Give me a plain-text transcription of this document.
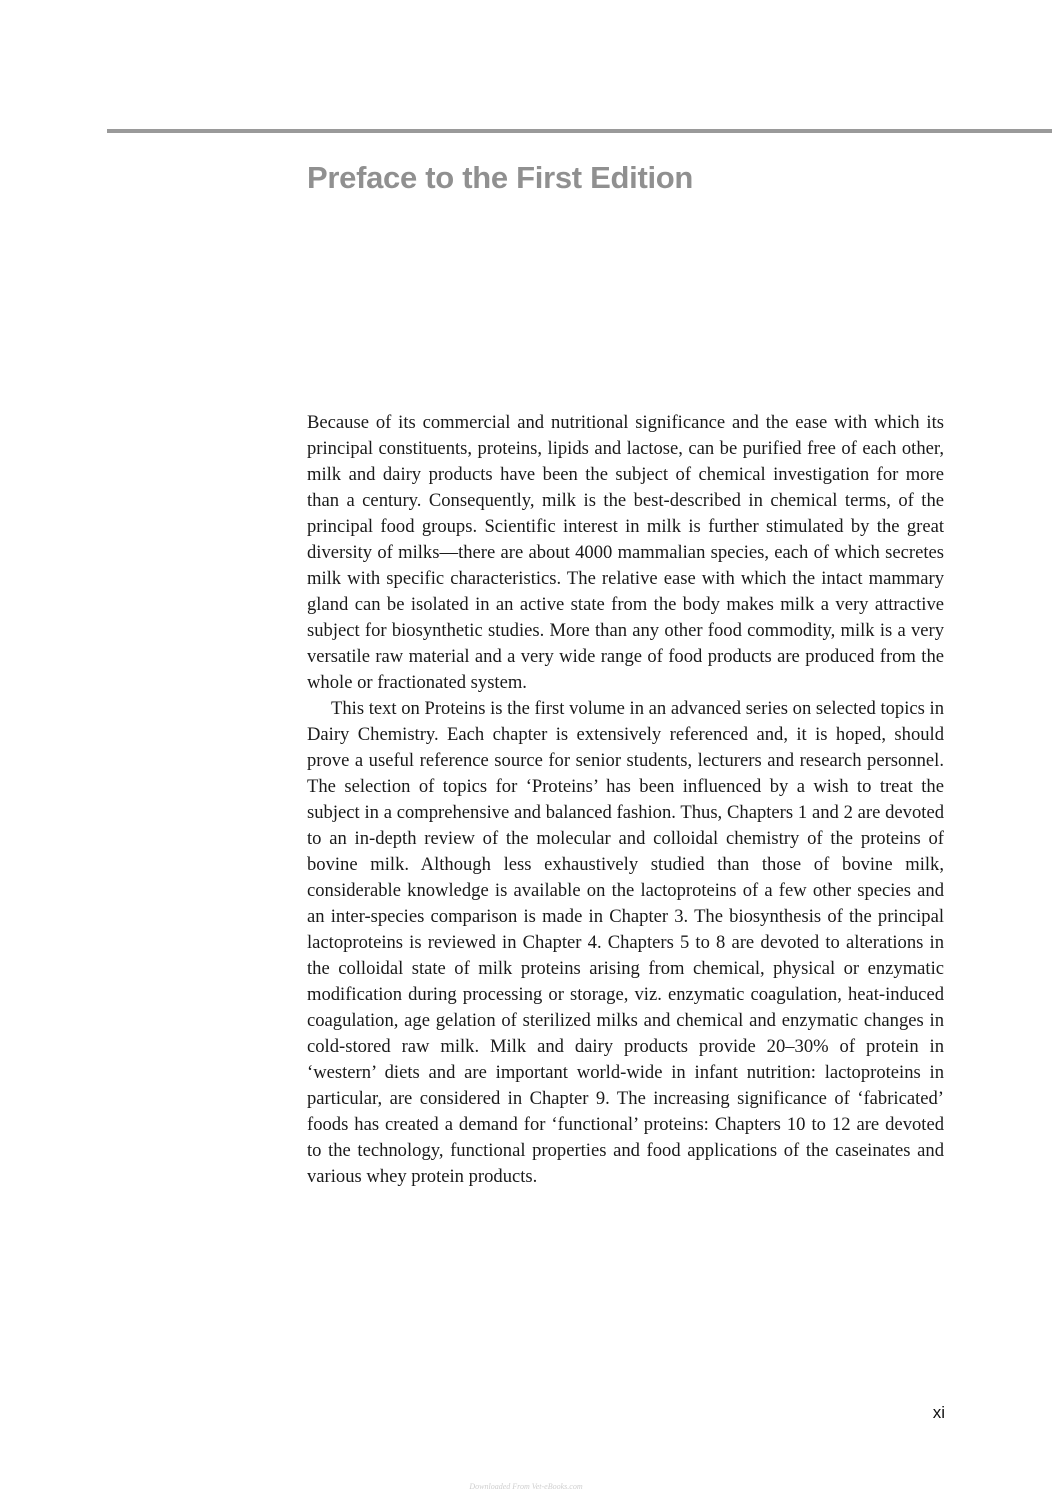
Preface to the First Edition

Because of its commercial and nutritional significance and the ease with which its principal constituents, proteins, lipids and lactose, can be purified free of each other, milk and dairy products have been the subject of chemical investigation for more than a century. Consequently, milk is the best-described in chemical terms, of the principal food groups. Scientific interest in milk is further stimulated by the great diversity of milks—there are about 4000 mammalian species, each of which secretes milk with specific characteristics. The relative ease with which the intact mammary gland can be isolated in an active state from the body makes milk a very attractive subject for biosynthetic studies. More than any other food commodity, milk is a very versatile raw material and a very wide range of food products are produced from the whole or fractionated system.

This text on Proteins is the first volume in an advanced series on selected topics in Dairy Chemistry. Each chapter is extensively referenced and, it is hoped, should prove a useful reference source for senior students, lecturers and research personnel. The selection of topics for ‘Proteins’ has been influenced by a wish to treat the subject in a comprehensive and balanced fashion. Thus, Chapters 1 and 2 are devoted to an in-depth review of the molecular and colloidal chemistry of the proteins of bovine milk. Although less exhaustively studied than those of bovine milk, considerable knowledge is available on the lactoproteins of a few other species and an inter-species comparison is made in Chapter 3. The biosynthesis of the principal lactoproteins is reviewed in Chapter 4. Chapters 5 to 8 are devoted to alterations in the colloidal state of milk proteins arising from chemical, physical or enzymatic modification during processing or storage, viz. enzymatic coagulation, heat-induced coagulation, age gelation of sterilized milks and chemical and enzymatic changes in cold-stored raw milk. Milk and dairy products provide 20–30% of protein in ‘western’ diets and are important world-wide in infant nutrition: lactoproteins in particular, are considered in Chapter 9. The increasing significance of ‘fabricated’ foods has created a demand for ‘functional’ proteins: Chapters 10 to 12 are devoted to the technology, functional properties and food applications of the caseinates and various whey protein products.

xi
Downloaded From Vet-eBooks.com
